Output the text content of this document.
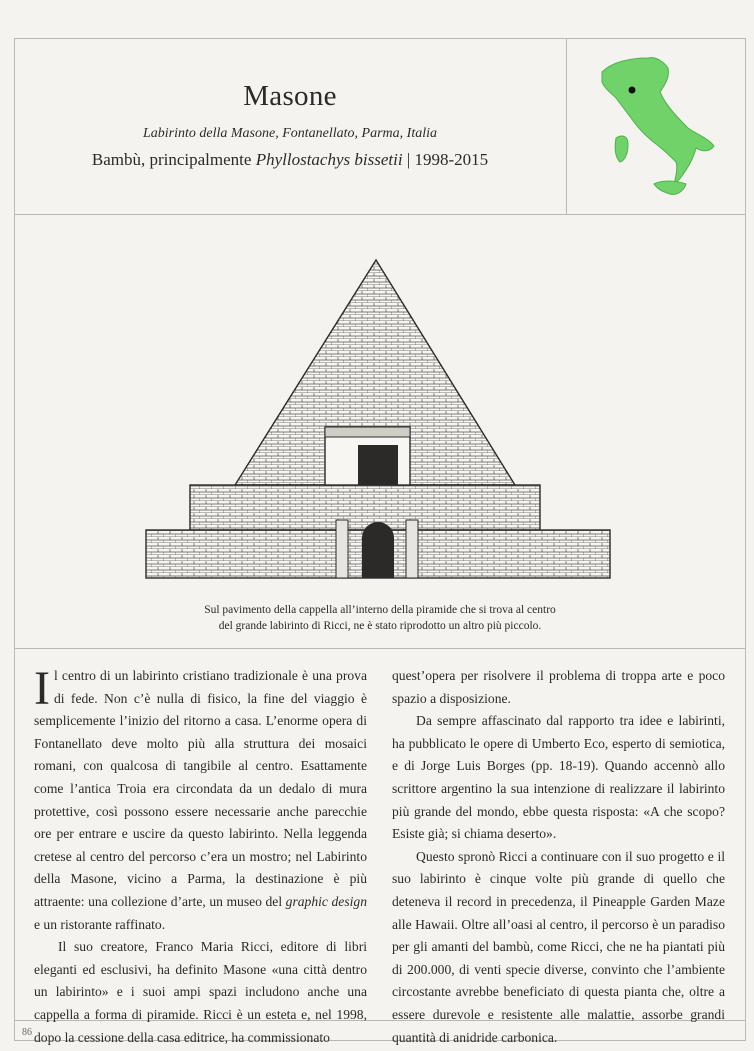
Masone
Labirinto della Masone, Fontanellato, Parma, Italia
Bambù, principalmente Phyllostachys bissetii | 1998-2015
Sul pavimento della cappella all’interno della piramide che si trova al centro
del grande labirinto di Ricci, ne è stato riprodotto un altro più piccolo.

Il centro di un labirinto cristiano tradizionale è una prova di fede. Non c’è nulla di fisico, la fine del viaggio è semplicemente l’inizio del ritorno a casa. L’enorme opera di Fontanellato deve molto più alla struttura dei mosaici romani, con qualcosa di tangibile al centro. Esattamente come l’antica Troia era circondata da un dedalo di mura protettive, così possono essere necessarie anche parecchie ore per entrare e uscire da questo labirinto. Nella leggenda cretese al centro del percorso c’era un mostro; nel Labirinto della Masone, vicino a Parma, la destinazione è più attraente: una collezione d’arte, un museo del graphic design e un ristorante raffinato.

Il suo creatore, Franco Maria Ricci, editore di libri eleganti ed esclusivi, ha definito Masone «una città dentro un labirinto» e i suoi ampi spazi includono anche una cappella a forma di piramide. Ricci è un esteta e, nel 1998, dopo la cessione della casa editrice, ha commissionato

quest’opera per risolvere il problema di troppa arte e poco spazio a disposizione.

Da sempre affascinato dal rapporto tra idee e labirinti, ha pubblicato le opere di Umberto Eco, esperto di semiotica, e di Jorge Luis Borges (pp. 18-19). Quando accennò allo scrittore argentino la sua intenzione di realizzare il labirinto più grande del mondo, ebbe questa risposta: «A che scopo? Esiste già; si chiama deserto».

Questo spronò Ricci a continuare con il suo progetto e il suo labirinto è cinque volte più grande di quello che deteneva il record in precedenza, il Pineapple Garden Maze alle Hawaii. Oltre all’oasi al centro, il percorso è un paradiso per gli amanti del bambù, come Ricci, che ne ha piantati più di 200.000, di venti specie diverse, convinto che l’ambiente circostante avrebbe beneficiato di questa pianta che, oltre a essere durevole e resistente alle malattie, assorbe grandi quantità di anidride carbonica.

86
